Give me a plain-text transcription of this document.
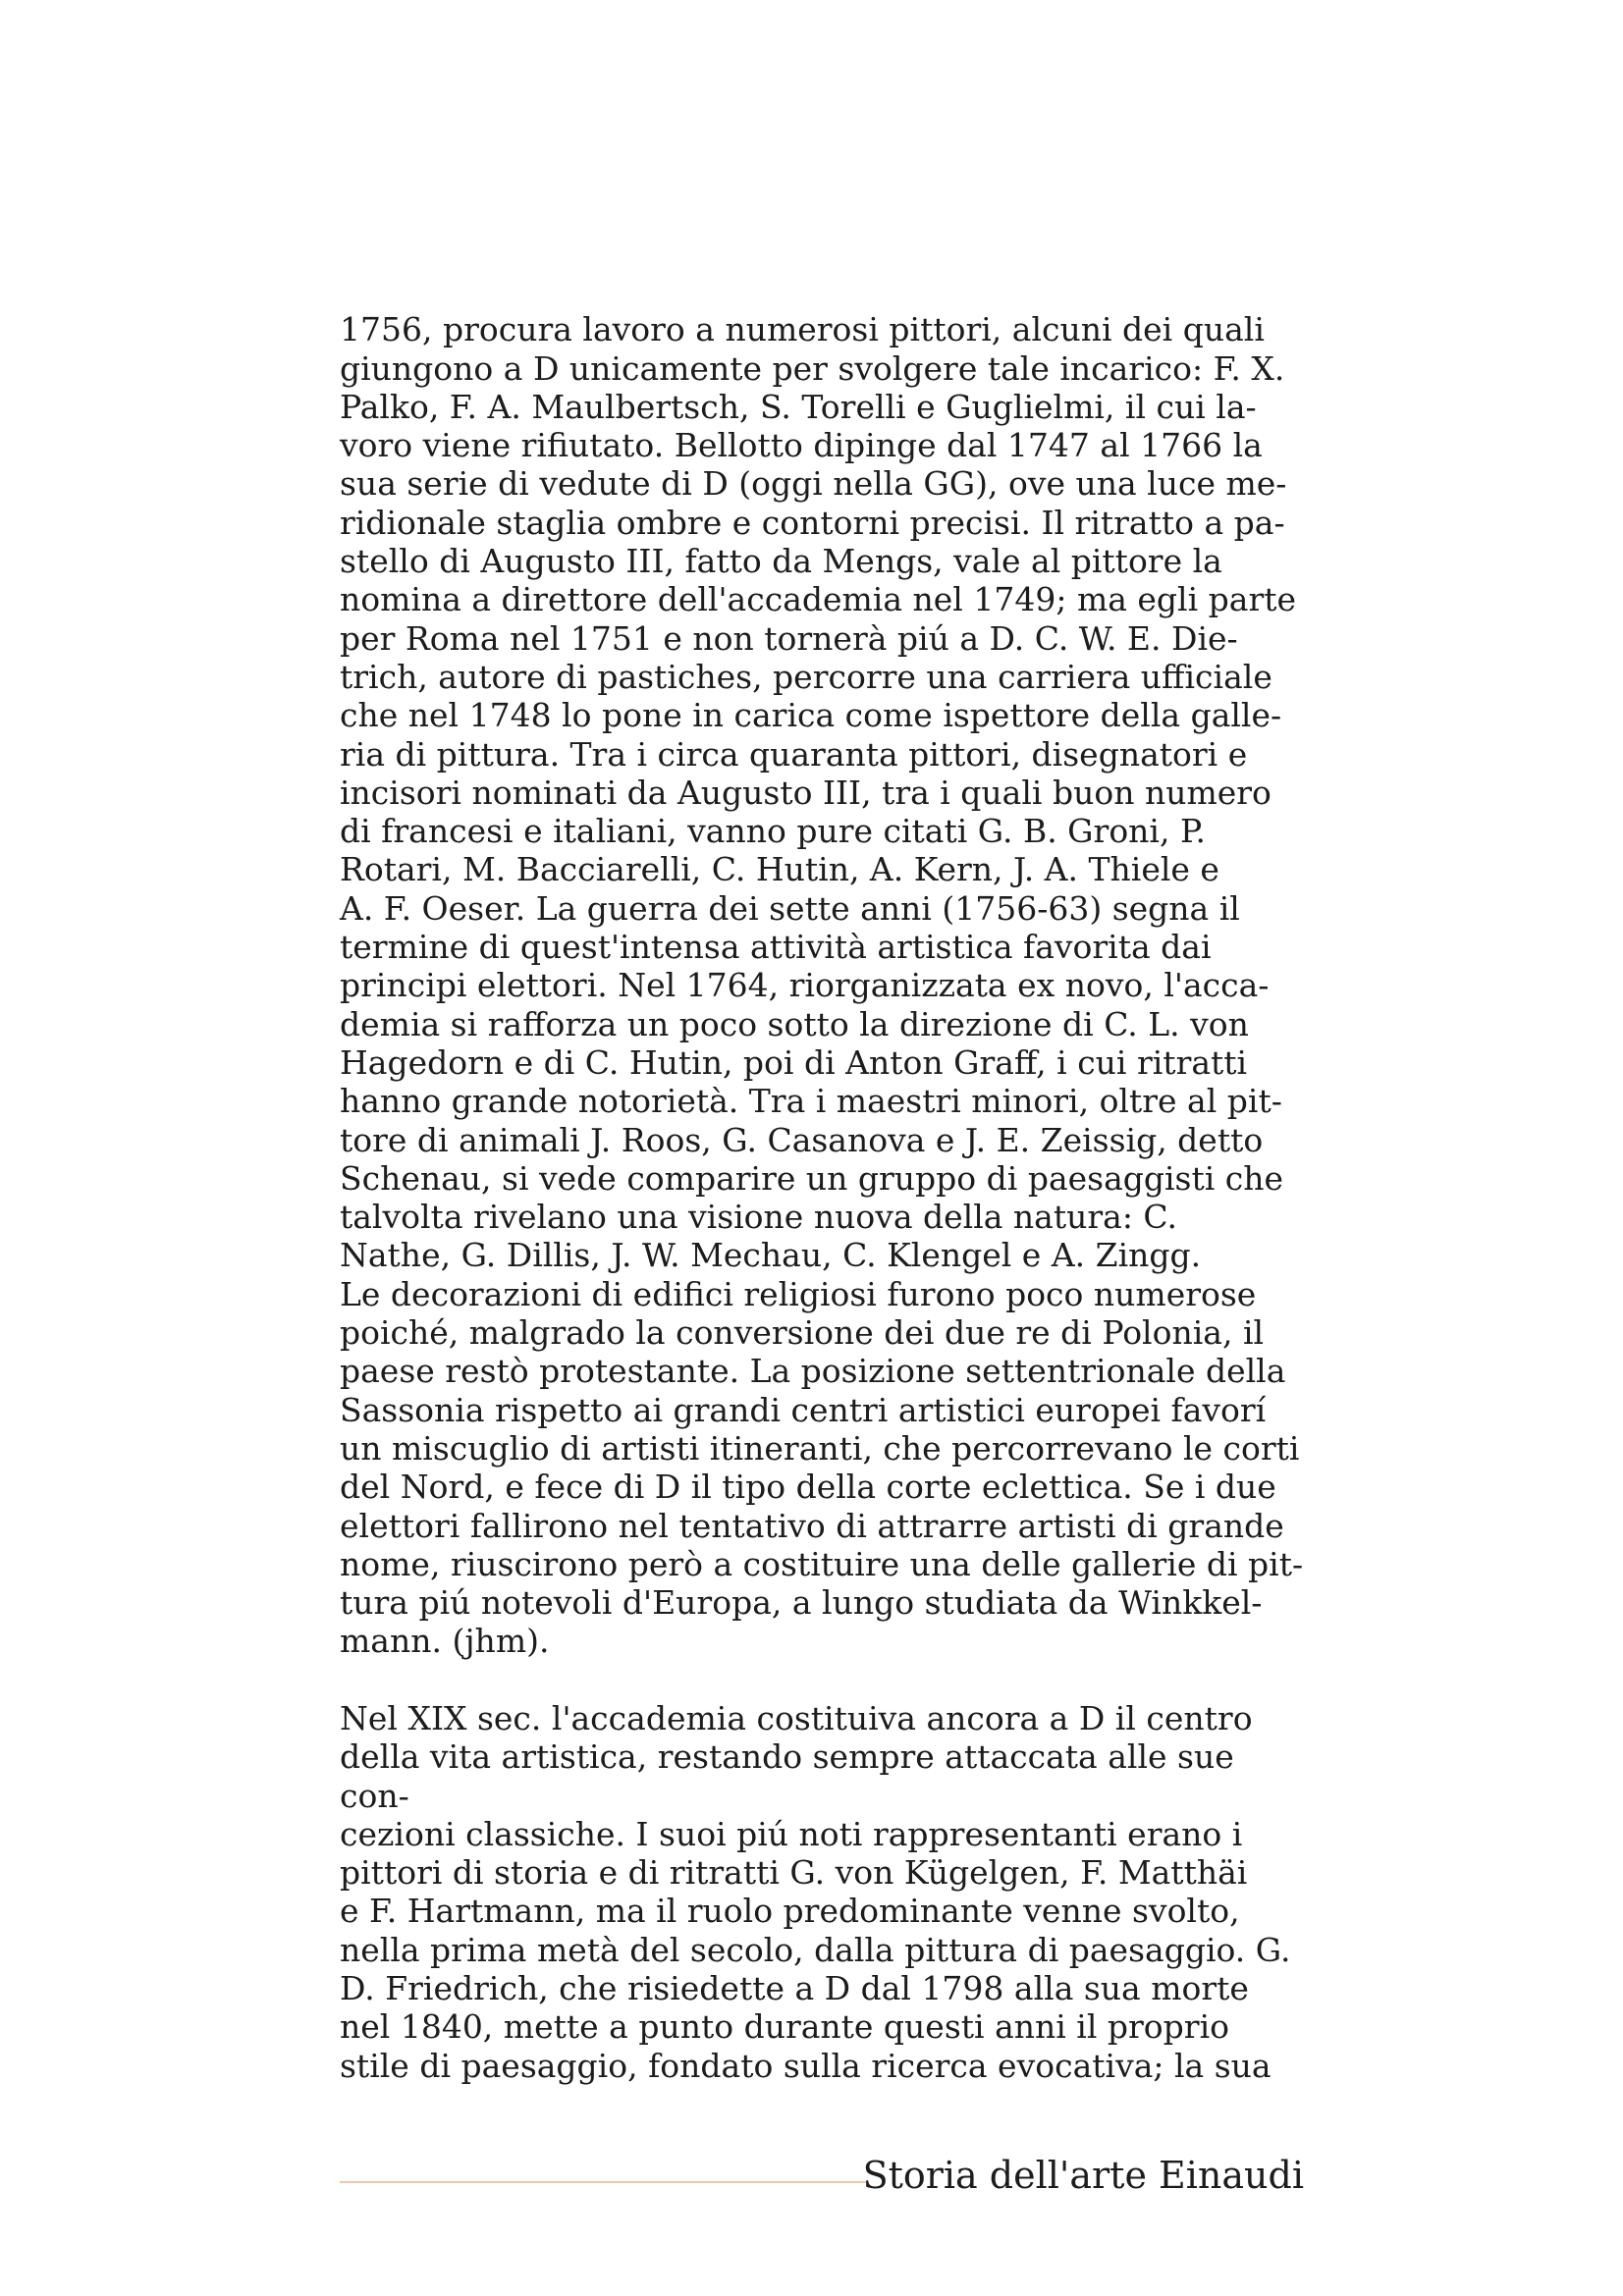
1756, procura lavoro a numerosi pittori, alcuni dei quali
giungono a D unicamente per svolgere tale incarico: F. X.
Palko, F. A. Maulbertsch, S. Torelli e Guglielmi, il cui la-
voro viene rifiutato. Bellotto dipinge dal 1747 al 1766 la
sua serie di vedute di D (oggi nella GG), ove una luce me-
ridionale staglia ombre e contorni precisi. Il ritratto a pa-
stello di Augusto III, fatto da Mengs, vale al pittore la
nomina a direttore dell'accademia nel 1749; ma egli parte
per Roma nel 1751 e non tornerà piú a D. C. W. E. Die-
trich, autore di pastiches, percorre una carriera ufficiale
che nel 1748 lo pone in carica come ispettore della galle-
ria di pittura. Tra i circa quaranta pittori, disegnatori e
incisori nominati da Augusto III, tra i quali buon numero
di francesi e italiani, vanno pure citati G. B. Groni, P.
Rotari, M. Bacciarelli, C. Hutin, A. Kern, J. A. Thiele e
A. F. Oeser. La guerra dei sette anni (1756-63) segna il
termine di quest'intensa attività artistica favorita dai
principi elettori. Nel 1764, riorganizzata ex novo, l'acca-
demia si rafforza un poco sotto la direzione di C. L. von
Hagedorn e di C. Hutin, poi di Anton Graff, i cui ritratti
hanno grande notorietà. Tra i maestri minori, oltre al pit-
tore di animali J. Roos, G. Casanova e J. E. Zeissig, detto
Schenau, si vede comparire un gruppo di paesaggisti che
talvolta rivelano una visione nuova della natura: C.
Nathe, G. Dillis, J. W. Mechau, C. Klengel e A. Zingg.
Le decorazioni di edifici religiosi furono poco numerose
poiché, malgrado la conversione dei due re di Polonia, il
paese restò protestante. La posizione settentrionale della
Sassonia rispetto ai grandi centri artistici europei favorí
un miscuglio di artisti itineranti, che percorrevano le corti
del Nord, e fece di D il tipo della corte eclettica. Se i due
elettori fallirono nel tentativo di attrarre artisti di grande
nome, riuscirono però a costituire una delle gallerie di pit-
tura piú notevoli d'Europa, a lungo studiata da Winkkel-
mann. (jhm).

Nel XIX sec. l'accademia costituiva ancora a D il centro
della vita artistica, restando sempre attaccata alle sue con-
cezioni classiche. I suoi piú noti rappresentanti erano i
pittori di storia e di ritratti G. von Kügelgen, F. Matthäi
e F. Hartmann, ma il ruolo predominante venne svolto,
nella prima metà del secolo, dalla pittura di paesaggio. G.
D. Friedrich, che risiedette a D dal 1798 alla sua morte
nel 1840, mette a punto durante questi anni il proprio
stile di paesaggio, fondato sulla ricerca evocativa; la sua

Storia dell'arte Einaudi
